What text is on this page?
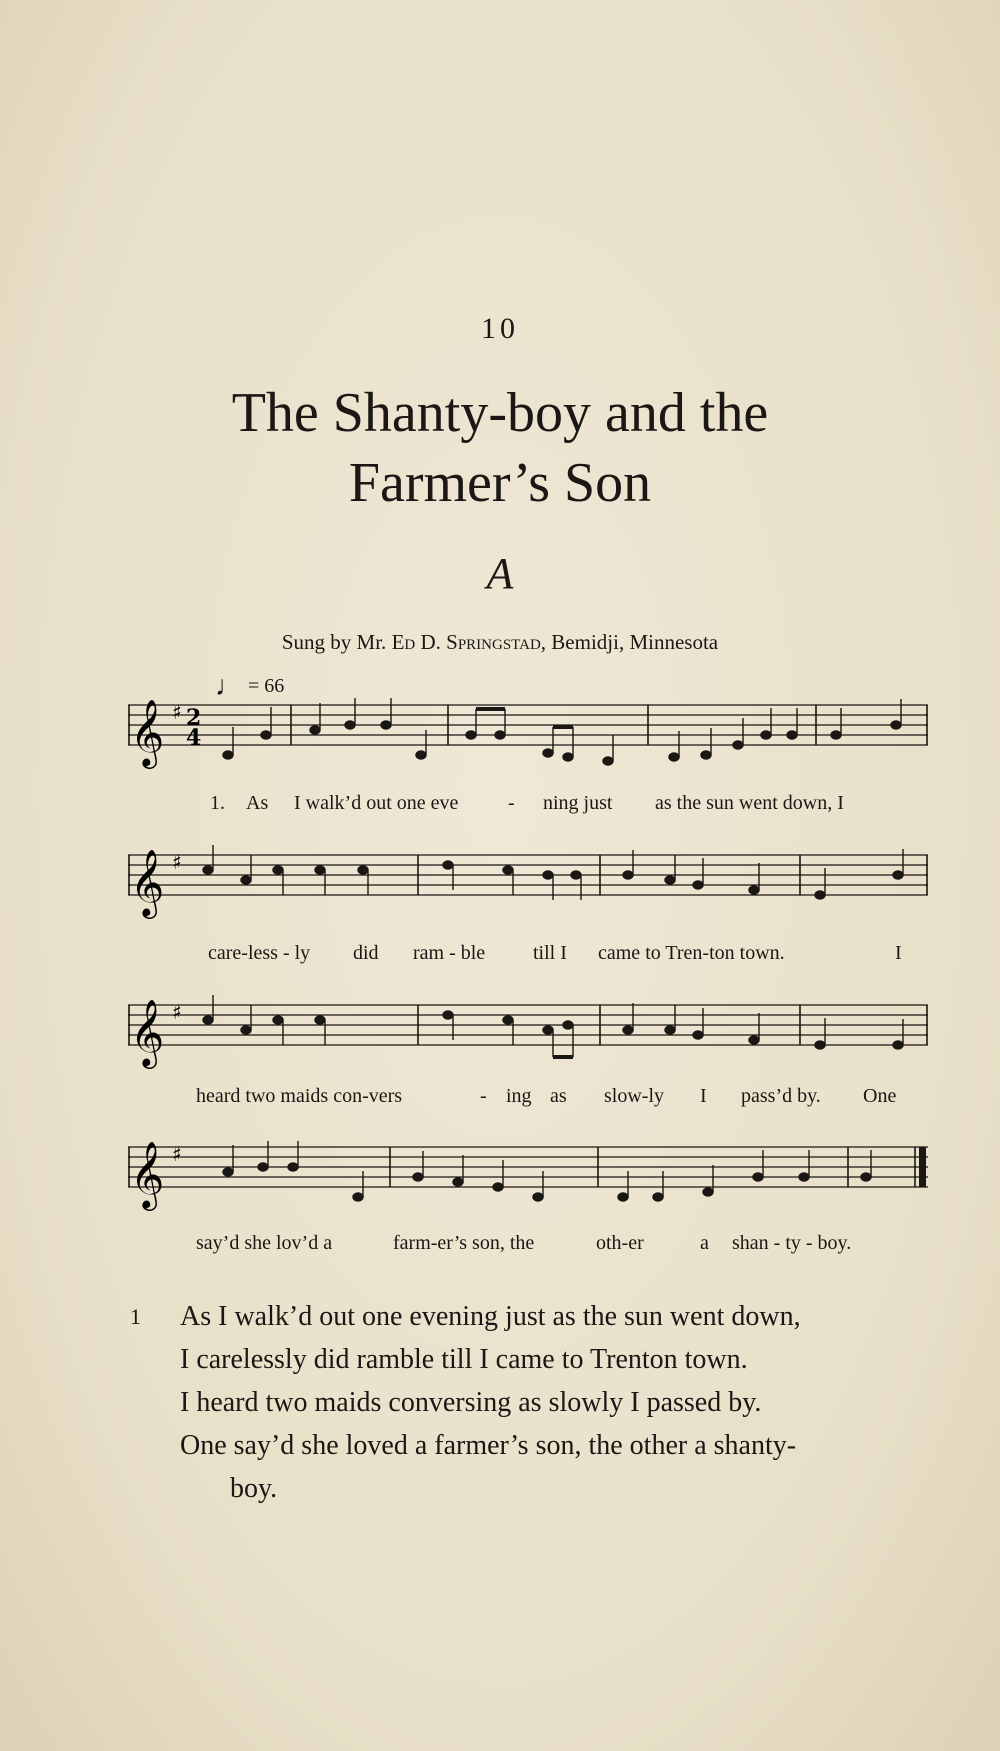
10
The Shanty-boy and the
Farmer’s Son
A
Sung by Mr. Ed D. Springstad, Bemidji, Minnesota
♩ = 66
𝄞 ♯ 2
4
1. As I walk’d out one eve - ning just as the sun went down, I
𝄞 ♯
care-less - ly did ram - ble till I came to Tren-ton town.	I
𝄞 ♯
heard two maids con-vers	- ing as slow-ly I pass’d by. One
𝄞 ♯
say’d she lov’d a	farm-er’s son, the	oth-er	a shan - ty - boy.
1 As I walk’d out one evening just as the sun went down,
I carelessly did ramble till I came to Trenton town.
I heard two maids conversing as slowly I passed by.
One say’d she loved a farmer’s son, the other a shanty-
boy.
